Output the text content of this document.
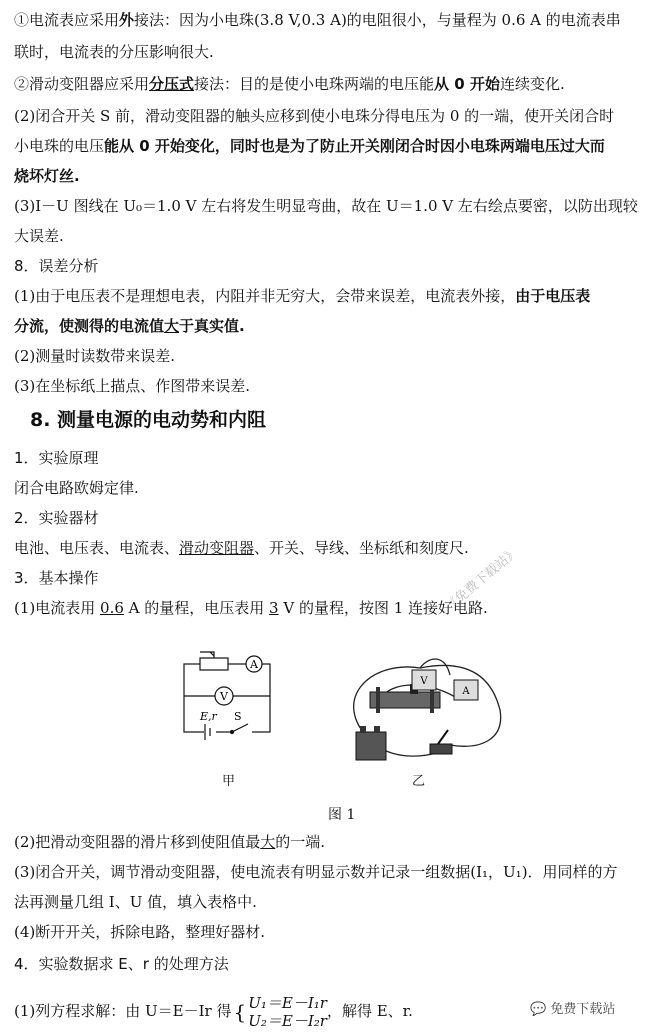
①电流表应采用外接法：因为小电珠(3.8 V,0.3 A)的电阻很小，与量程为 0.6 A 的电流表串
联时，电流表的分压影响很大.
②滑动变阻器应采用分压式接法：目的是使小电珠两端的电压能从 0 开始连续变化.
(2)闭合开关 S 前，滑动变阻器的触头应移到使小电珠分得电压为 0 的一端，使开关闭合时
小电珠的电压能从 0 开始变化，同时也是为了防止开关刚闭合时因小电珠两端电压过大而
烧坏灯丝.
(3)I－U 图线在 U₀＝1.0 V 左右将发生明显弯曲，故在 U＝1.0 V 左右绘点要密，以防出现较
大误差.
8．误差分析
(1)由于电压表不是理想电表，内阻并非无穷大，会带来误差，电流表外接，由于电压表
分流，使测得的电流值大于真实值.
(2)测量时读数带来误差.
(3)在坐标纸上描点、作图带来误差.
8. 测量电源的电动势和内阻
1．实验原理
闭合电路欧姆定律.
2．实验器材
电池、电压表、电流表、滑动变阻器、开关、导线、坐标纸和刻度尺.
3．基本操作
(1)电流表用 0.6 A 的量程，电压表用 3 V 的量程，按图 1 连接好电路.
《免费下载站》
A
V
E,r S
甲
V
A
乙
图 1
(2)把滑动变阻器的滑片移到使阻值最大的一端.
(3)闭合开关，调节滑动变阻器，使电流表有明显示数并记录一组数据(I₁，U₁)．用同样的方
法再测量几组 I、U 值，填入表格中.
(4)断开开关，拆除电路，整理好器材.
4．实验数据求 E、r 的处理方法
(1)列方程求解：由 U＝E－Ir 得 { U₁＝E－I₁r
U₂＝E－I₂r，解得 E、r.	💬 免费下载站
